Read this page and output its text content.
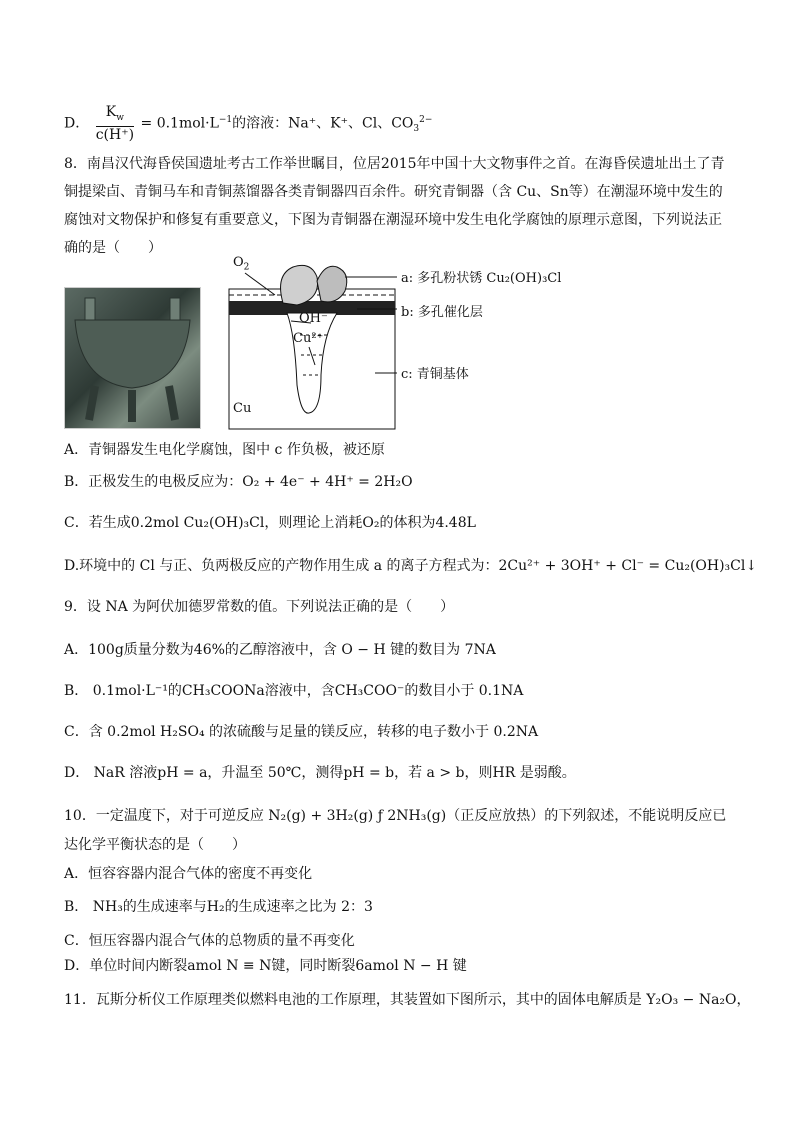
D． $\frac{K_w}{c(H^+)} = 0.1mol\cdot L^{-1}$的溶液：Na⁺、K⁺、Cl、$CO_3^{2-}$
8．南昌汉代海昏侯国遗址考古工作举世瞩目，位居2015年中国十大文物事件之首。在海昏侯遗址出土了青铜提梁卣、青铜马车和青铜蒸馏器各类青铜器四百余件。研究青铜器（含 Cu、Sn等）在潮湿环境中发生的腐蚀对文物保护和修复有重要意义，下图为青铜器在潮湿环境中发生电化学腐蚀的原理示意图，下列说法正确的是（　　）
$O_2$
OH⁻
Cu²⁺
Cu
a: 多孔粉状锈 Cu₂(OH)₃Cl
b: 多孔催化层
c: 青铜基体
A．青铜器发生电化学腐蚀，图中 c 作负极，被还原
B．正极发生的电极反应为：O₂ + 4e⁻ + 4H⁺ = 2H₂O
C．若生成0.2mol Cu₂(OH)₃Cl，则理论上消耗O₂的体积为4.48L
D.环境中的 Cl 与正、负两极反应的产物作用生成 a 的离子方程式为：2Cu²⁺ + 3OH⁺ + Cl⁻ = Cu₂(OH)₃Cl↓
9．设 NA 为阿伏加德罗常数的值。下列说法正确的是（　　）
A．100g质量分数为46%的乙醇溶液中，含 O − H 键的数目为 7NA
B． 0.1mol·L⁻¹的CH₃COONa溶液中，含CH₃COO⁻的数目小于 0.1NA
C．含 0.2mol H₂SO₄ 的浓硫酸与足量的镁反应，转移的电子数小于 0.2NA
D． NaR 溶液pH = a，升温至 50℃，测得pH = b，若 a > b，则HR 是弱酸。
10．一定温度下，对于可逆反应 N₂(g) + 3H₂(g) ƒ 2NH₃(g)（正反应放热）的下列叙述，不能说明反应已
达化学平衡状态的是（　　）
A．恒容容器内混合气体的密度不再变化
B． NH₃的生成速率与H₂的生成速率之比为 2：3
C．恒压容器内混合气体的总物质的量不再变化
D．单位时间内断裂amol N ≡ N键，同时断裂6amol N − H 键
11．瓦斯分析仪工作原理类似燃料电池的工作原理，其装置如下图所示，其中的固体电解质是 Y₂O₃ − Na₂O，
